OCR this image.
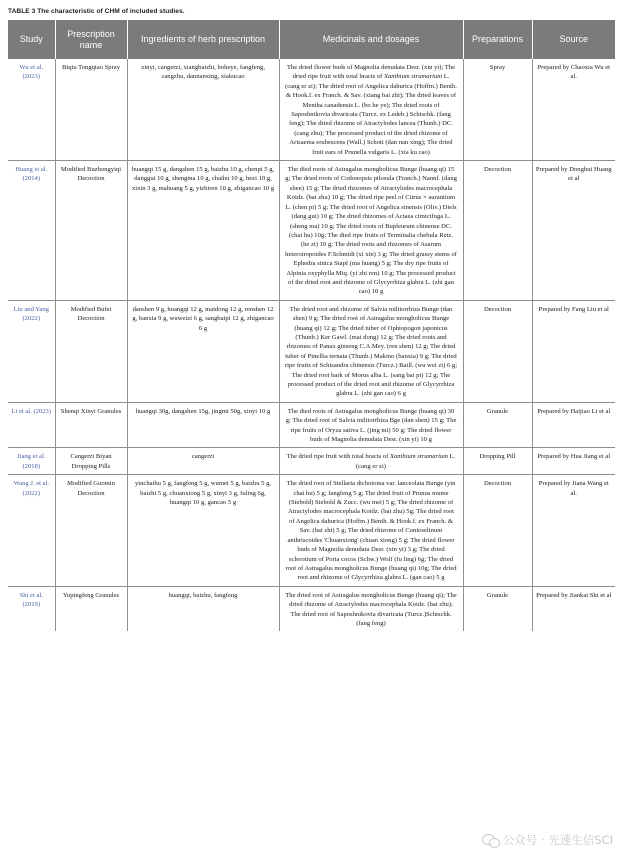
TABLE 3 The characteristic of CHM of included studies.
Study	Prescription name	Ingredients of herb prescription	Medicinals and dosages	Preparations	Source
Wu et al. (2023)	Biqiu Tongqiao Spray	xinyi, cangerzi, xiangbaizhi, boheye, fangfeng, cangzhu, dannanxing, xiakucao	The dried flower buds of Magnolia denudata Desr. (xin yi); The dried ripe fruit with total bracts of Xanthium strumarium L. (cang er zi); The dried root of Angelica dahurica (Hoffm.) Benth. & Hook.f. ex Franch. & Sav. (xiang bai zhi); The dried leaves of Mentha canadensis L. (bo he ye); The dried roots of Saposhnikovia divaricata (Turcz. ex Ledeb.) Schischk. (fang feng); The dried rhizome of Atractylodes lancea (Thunb.) DC. (cang zhu); The processed product of the dried rhizome of Arisaema erubescens (Wall.) Schott (dan nan xing); The dried fruit ears of Prunella vulgaris L. (xia ku cao)	Spray	Prepared by Chaoxia Wu et al.
Huang et al. (2014)	Modified Buzhongyiqi Decoction	huangqi 15 g, dangshen 15 g, baizhu 10 g, chenpi 5 g, danggui 10 g, shengma 10 g, chaihu 10 g, hezi 10 g, xixin 3 g, mahuang 5 g, yizhiren 10 g, zhigancao 10 g	The died roots of Astragalus mongholicus Bunge (huang qi) 15 g; The dried roots of Codonopsis pilosula (Franch.) Nannf. (dang shen) 15 g; The dried rhizomes of Atractylodes macrocephala Koidz. (bai zhu) 10 g; The dried ripe peel of Citrus × aurantium L. (chen pi) 5 g; The dried root of Angelica sinensis (Oliv.) Diels (dang gui) 10 g; The dried rhizomes of Actaea cimicifuga L. (sheng ma) 10 g; The dried roots of Bupleurum chinense DC. (chai hu) 10g; The died ripe fruits of Terminalia chebula Retz. (he zi) 10 g; The dried roots and rhizomes of Asarum heterotropoides F.Schmidt (xi xin) 3 g; The dried grassy stems of Ephedra sinica Stapf (ma huang) 5 g; The dry ripe fruits of Alpinia oxyphylla Miq. (yi zhi ren) 10 g; The processed product of the dried root and rhizome of Glycyrrhiza glabra L. (zhi gan cao) 10 g	Decoction	Prepared by Donghui Huang et al
Liu and Yang (2022)	Modified Bufei Decoction	danshen 9 g, huangqi 12 g, maidong 12 g, renshen 12 g, banxia 9 g, wuweizi 6 g, sangbaipi 12 g, zhigancao 6 g	The dried root and rhizome of Salvia miltiorrhiza Bunge (dan shen) 9 g; The dried root of Astragalus mongholicus Bunge (huang qi) 12 g; The dried tuber of Ophiopogon japonicus (Thunb.) Ker Gawl. (mai dong) 12 g; The dried roots and rhizomes of Panax ginseng C.A.Mey. (ren shen) 12 g; The dried tuber of Pinellia ternata (Thunb.) Makino (banxia) 9 g; The dried ripe fruits of Schisandra chinensis (Turcz.) Baill. (wu wei zi) 6 g; The dried root bark of Morus alba L. (sang bai pi) 12 g; The processed product of the dried root and rhizome of Glycyrrhiza glabra L. (zhi gan cao) 6 g	Decoction	Prepared by Fang Liu et al
Li et al. (2023)	Shenqi Xinyi Granules	huangqi 30g, dangshen 15g, jingmi 50g, xinyi 10 g	The died roots of Astragalus mongholicus Bunge (huang qi) 30 g; The dried root of Salvia miltiorrhiza Bge (dan shen) 15 g; The ripe fruits of Oryza sativa L. (jing mi) 50 g; The dried flower buds of Magnolia denudata Desr. (xin yi) 10 g	Granule	Prepared by Haijiao Li et al
Jiang et al. (2018)	Cangerzi Biyan Dropping Pills	cangerzi	The dried ripe fruit with total bracts of Xanthium strumarium L. (cang er zi)	Dropping Pill	Prepared by Hua Jiang et al
Wang J. et al. (2022)	Modified Guomin Decoction	yinchaihu 5 g, fangfeng 5 g, wumei 5 g, baizhu 5 g, baizhi 5 g, chuanxiong 5 g, xinyi 3 g, fuling 6g, huangqi 10 g, gancao 5 g	The dried root of Stellaria dichotoma var. lanceolata Bunge (yin chai hu) 5 g; fangfeng 5 g; The dried fruit of Prunus mume (Siebold) Siebold & Zucc. (wu mei) 5 g; The dried rhizome of Atractylodes macrocephala Koidz. (bai zhu) 5g; The dried root of Angelica dahurica (Hoffm.) Benth. & Hook.f. ex Franch. & Sav. (bai zhi) 5 g; The dried rhizome of Conioselinum anthriscoides 'Chuanxiong' (chuan xiong) 5 g; The dried flower buds of Magnolia denudata Desr. (xin yi) 3 g; The dried sclerotium of Poria cocos (Schw.) Wolf (fu ling) 6g; The dried root of Astragalus mongholicus Bunge (huang qi) 10g; The dried root and rhizome of Glycyrrhiza glabra L. (gan cao) 5 g	Decoction	Prepared by Jiana Wang et al.
Shi et al. (2019)	Yupingfeng Granules	huangqi, baizhu, fangfeng	The dried root of Astragalus mongholicus Bunge (huang qi); The dried rhizome of Atractylodes macrocephala Koidz. (bai zhu); The dried root of Saposhnikovia divaricata (Turcz.)Schischk. (fang feng)	Granule	Prepared by Jiankai Shi et al
公众号 · 光速生信SCI
